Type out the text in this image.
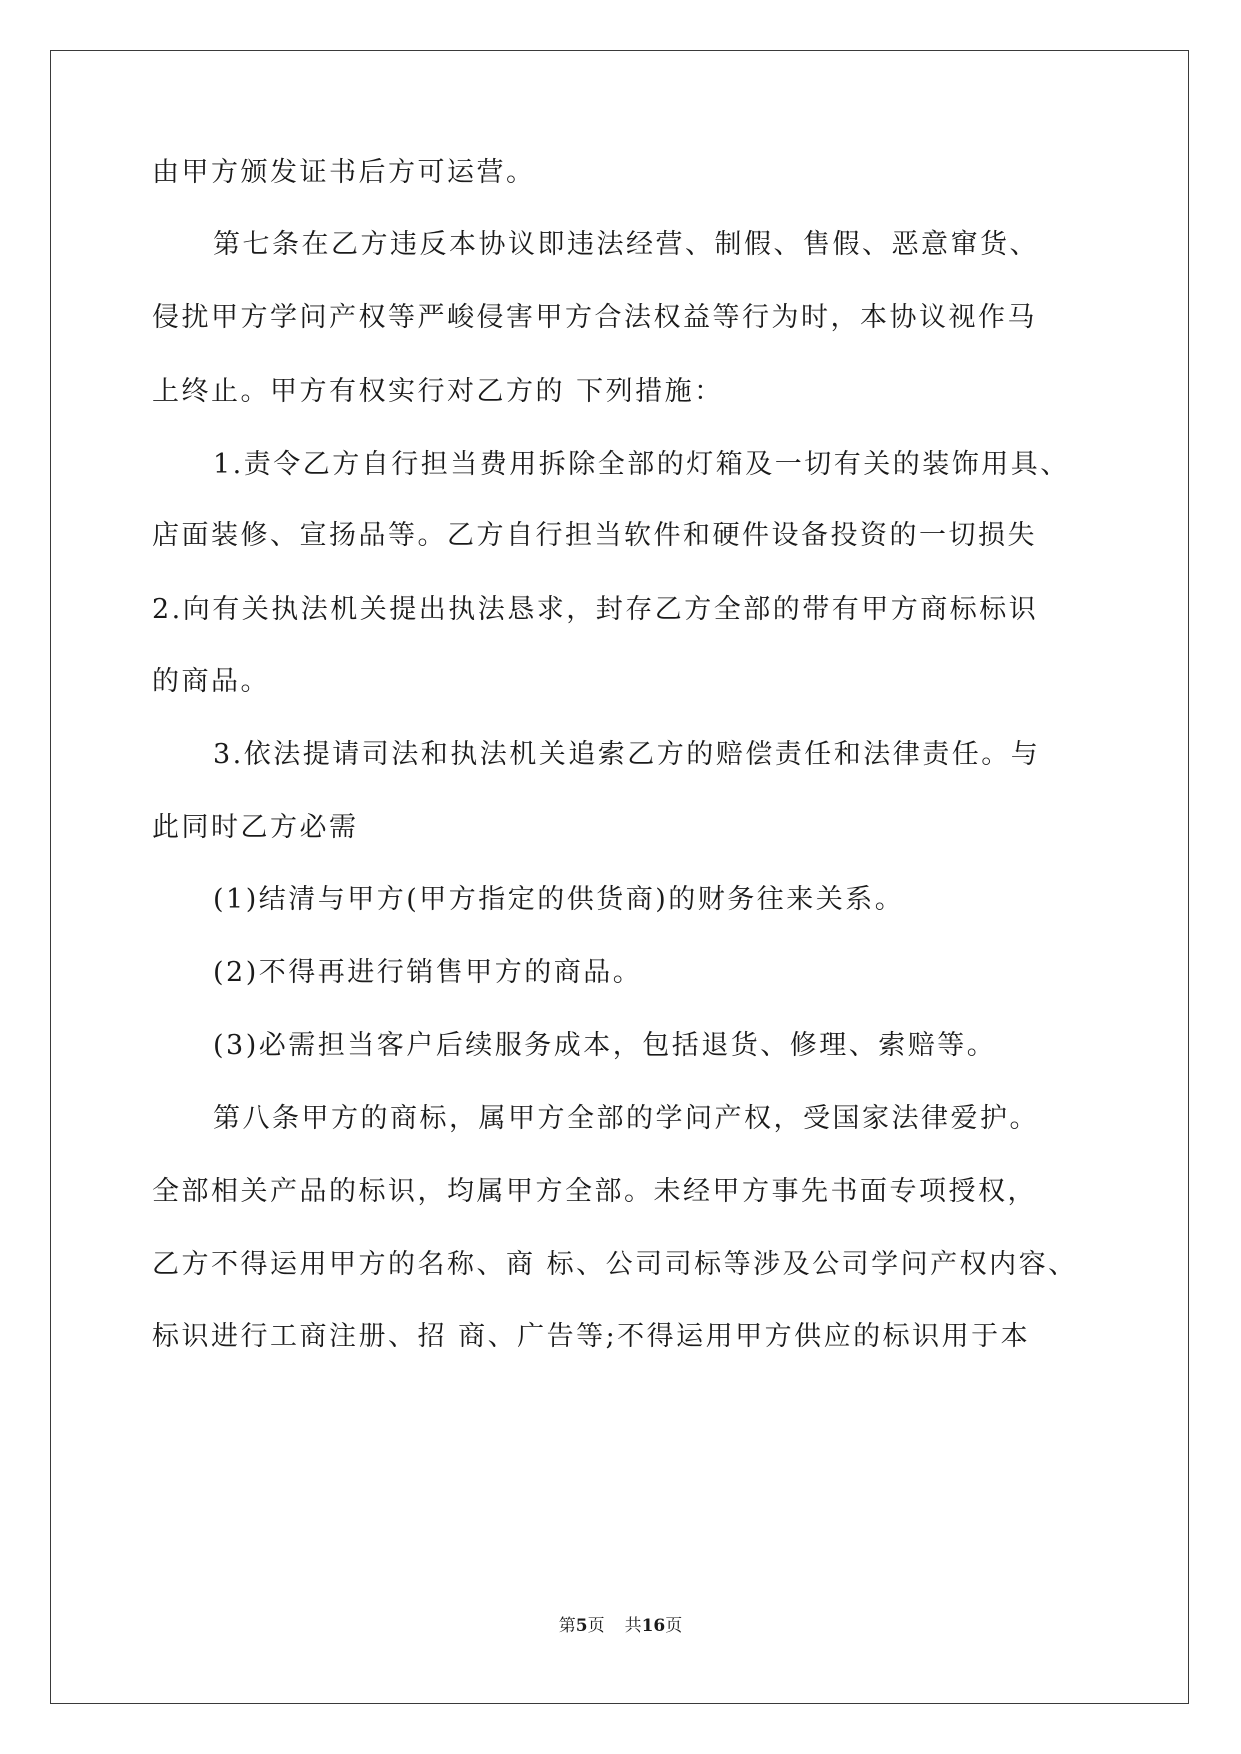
由甲方颁发证书后方可运营。

第七条在乙方违反本协议即违法经营、制假、售假、恶意窜货、

侵扰甲方学问产权等严峻侵害甲方合法权益等行为时，本协议视作马

上终止。甲方有权实行对乙方的 下列措施：

1.责令乙方自行担当费用拆除全部的灯箱及一切有关的装饰用具、

店面装修、宣扬品等。乙方自行担当软件和硬件设备投资的一切损失

2.向有关执法机关提出执法恳求，封存乙方全部的带有甲方商标标识

的商品。

3.依法提请司法和执法机关追索乙方的赔偿责任和法律责任。与

此同时乙方必需

(1)结清与甲方(甲方指定的供货商)的财务往来关系。

(2)不得再进行销售甲方的商品。

(3)必需担当客户后续服务成本，包括退货、修理、索赔等。

第八条甲方的商标，属甲方全部的学问产权，受国家法律爱护。

全部相关产品的标识，均属甲方全部。未经甲方事先书面专项授权，

乙方不得运用甲方的名称、商 标、公司司标等涉及公司学问产权内容、

标识进行工商注册、招 商、广告等;不得运用甲方供应的标识用于本

第5页 共16页
